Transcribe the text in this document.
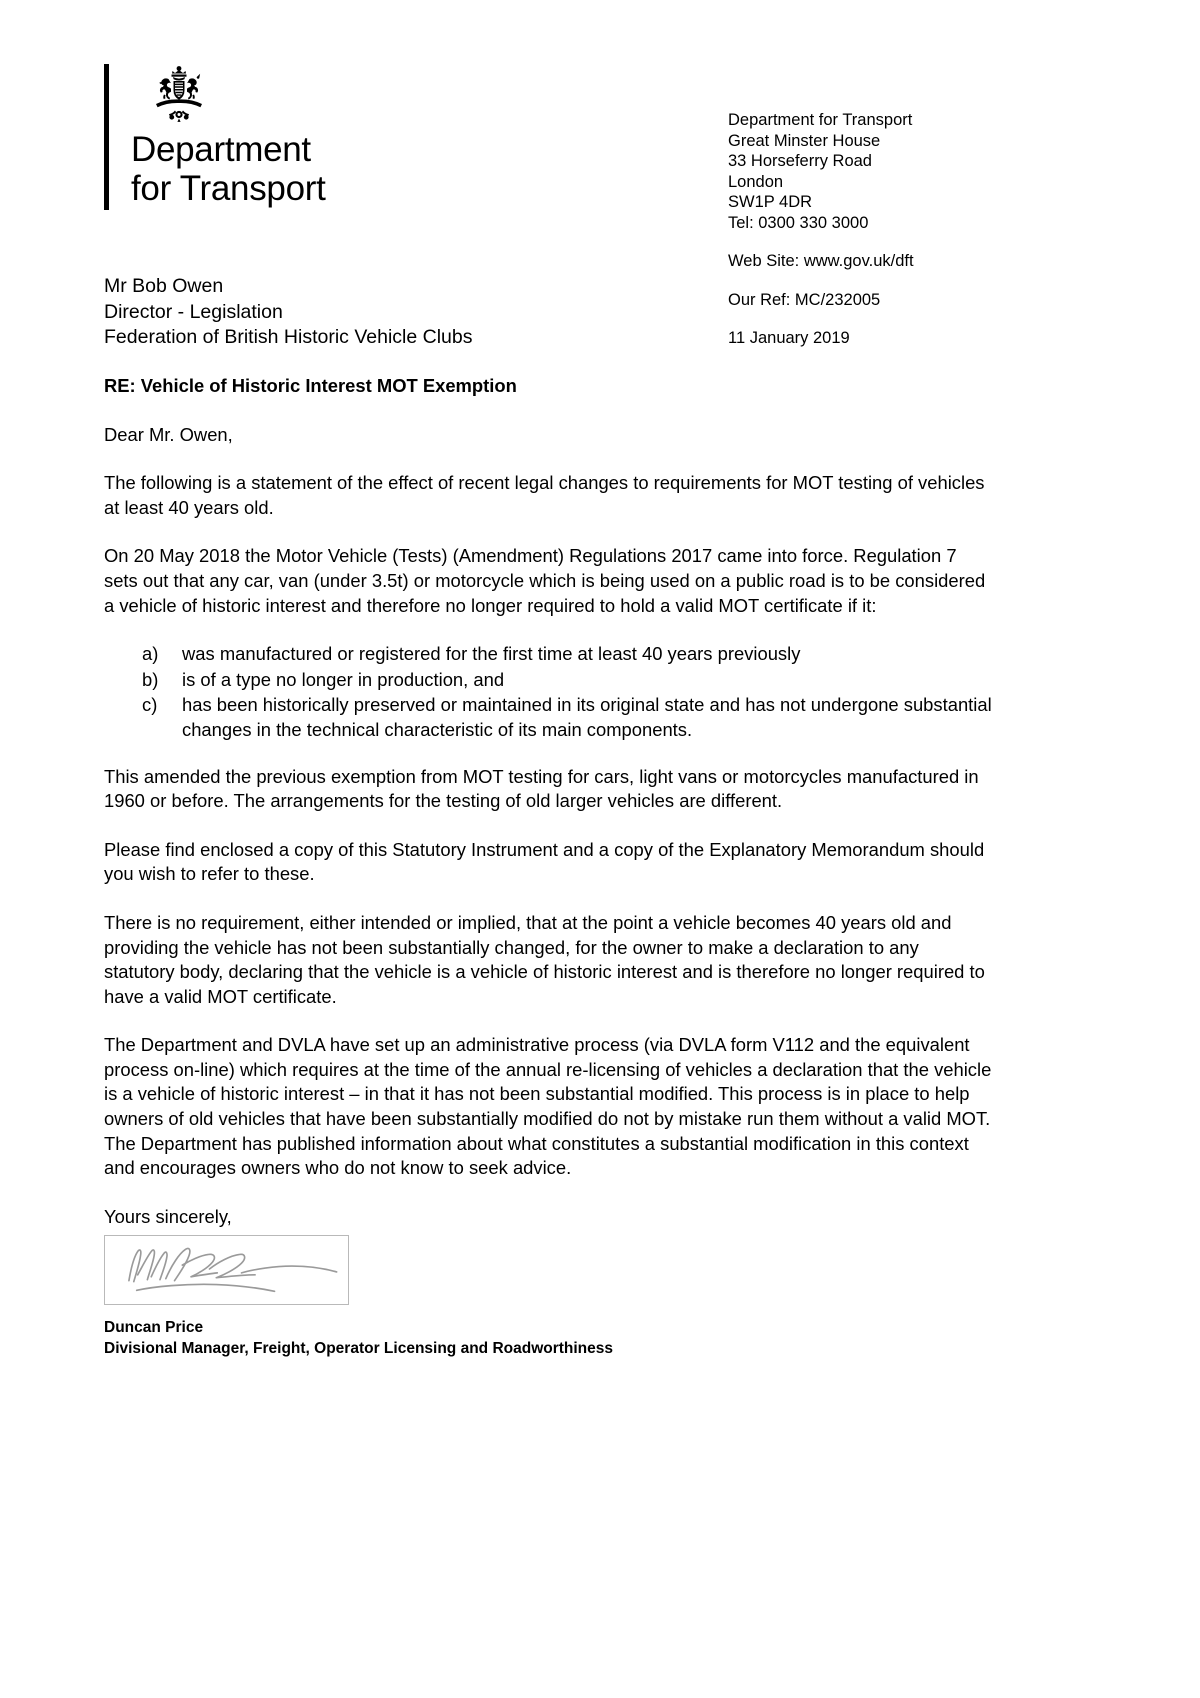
Department
for Transport
Department for Transport
Great Minster House
33 Horseferry Road
London
SW1P 4DR
Tel: 0300 330 3000
Web Site: www.gov.uk/dft
Our Ref: MC/232005
11 January 2019
Mr Bob Owen
Director - Legislation
Federation of British Historic Vehicle Clubs
RE: Vehicle of Historic Interest MOT Exemption

Dear Mr. Owen,

The following is a statement of the effect of recent legal changes to requirements for MOT testing of vehicles at least 40 years old.

On 20 May 2018 the Motor Vehicle (Tests) (Amendment) Regulations 2017 came into force. Regulation 7 sets out that any car, van (under 3.5t) or motorcycle which is being used on a public road is to be considered a vehicle of historic interest and therefore no longer required to hold a valid MOT certificate if it:

a)	was manufactured or registered for the first time at least 40 years previously
b)	is of a type no longer in production, and
c)	has been historically preserved or maintained in its original state and has not undergone substantial changes in the technical characteristic of its main components.

This amended the previous exemption from MOT testing for cars, light vans or motorcycles manufactured in 1960 or before. The arrangements for the testing of old larger vehicles are different.

Please find enclosed a copy of this Statutory Instrument and a copy of the Explanatory Memorandum should you wish to refer to these.

There is no requirement, either intended or implied, that at the point a vehicle becomes 40 years old and providing the vehicle has not been substantially changed, for the owner to make a declaration to any statutory body, declaring that the vehicle is a vehicle of historic interest and is therefore no longer required to have a valid MOT certificate.

The Department and DVLA have set up an administrative process (via DVLA form V112 and the equivalent process on-line) which requires at the time of the annual re-licensing of vehicles a declaration that the vehicle is a vehicle of historic interest – in that it has not been substantial modified. This process is in place to help owners of old vehicles that have been substantially modified do not by mistake run them without a valid MOT. The Department has published information about what constitutes a substantial modification in this context and encourages owners who do not know to seek advice.

Yours sincerely,

Duncan Price
Divisional Manager, Freight, Operator Licensing and Roadworthiness
